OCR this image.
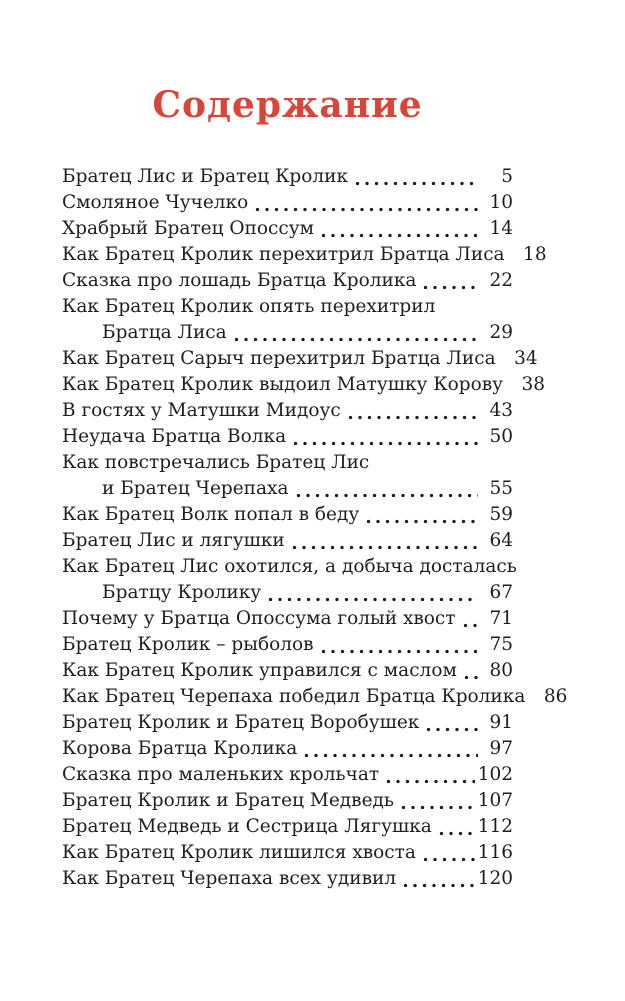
Содержание
Братец Лис и Братец Кролик	5
Смоляное Чучелко	10
Храбрый Братец Опоссум	14
Как Братец Кролик перехитрил Братца Лиса 18
Сказка про лошадь Братца Кролика	22
Как Братец Кролик опять перехитрил
Братца Лиса	29
Как Братец Сарыч перехитрил Братца Лиса 34
Как Братец Кролик выдоил Матушку Корову 38
В гостях у Матушки Мидоус	43
Неудача Братца Волка	50
Как повстречались Братец Лис
и Братец Черепаха	55
Как Братец Волк попал в беду	59
Братец Лис и лягушки	64
Как Братец Лис охотился, а добыча досталась
Братцу Кролику	67
Почему у Братца Опоссума голый хвост	71
Братец Кролик – рыболов	75
Как Братец Кролик управился с маслом	80
Как Братец Черепаха победил Братца Кролика 86
Братец Кролик и Братец Воробушек	91
Корова Братца Кролика	97
Сказка про маленьких крольчат	102
Братец Кролик и Братец Медведь	107
Братец Медведь и Сестрица Лягушка 112
Как Братец Кролик лишился хвоста	116
Как Братец Черепаха всех удивил	120
